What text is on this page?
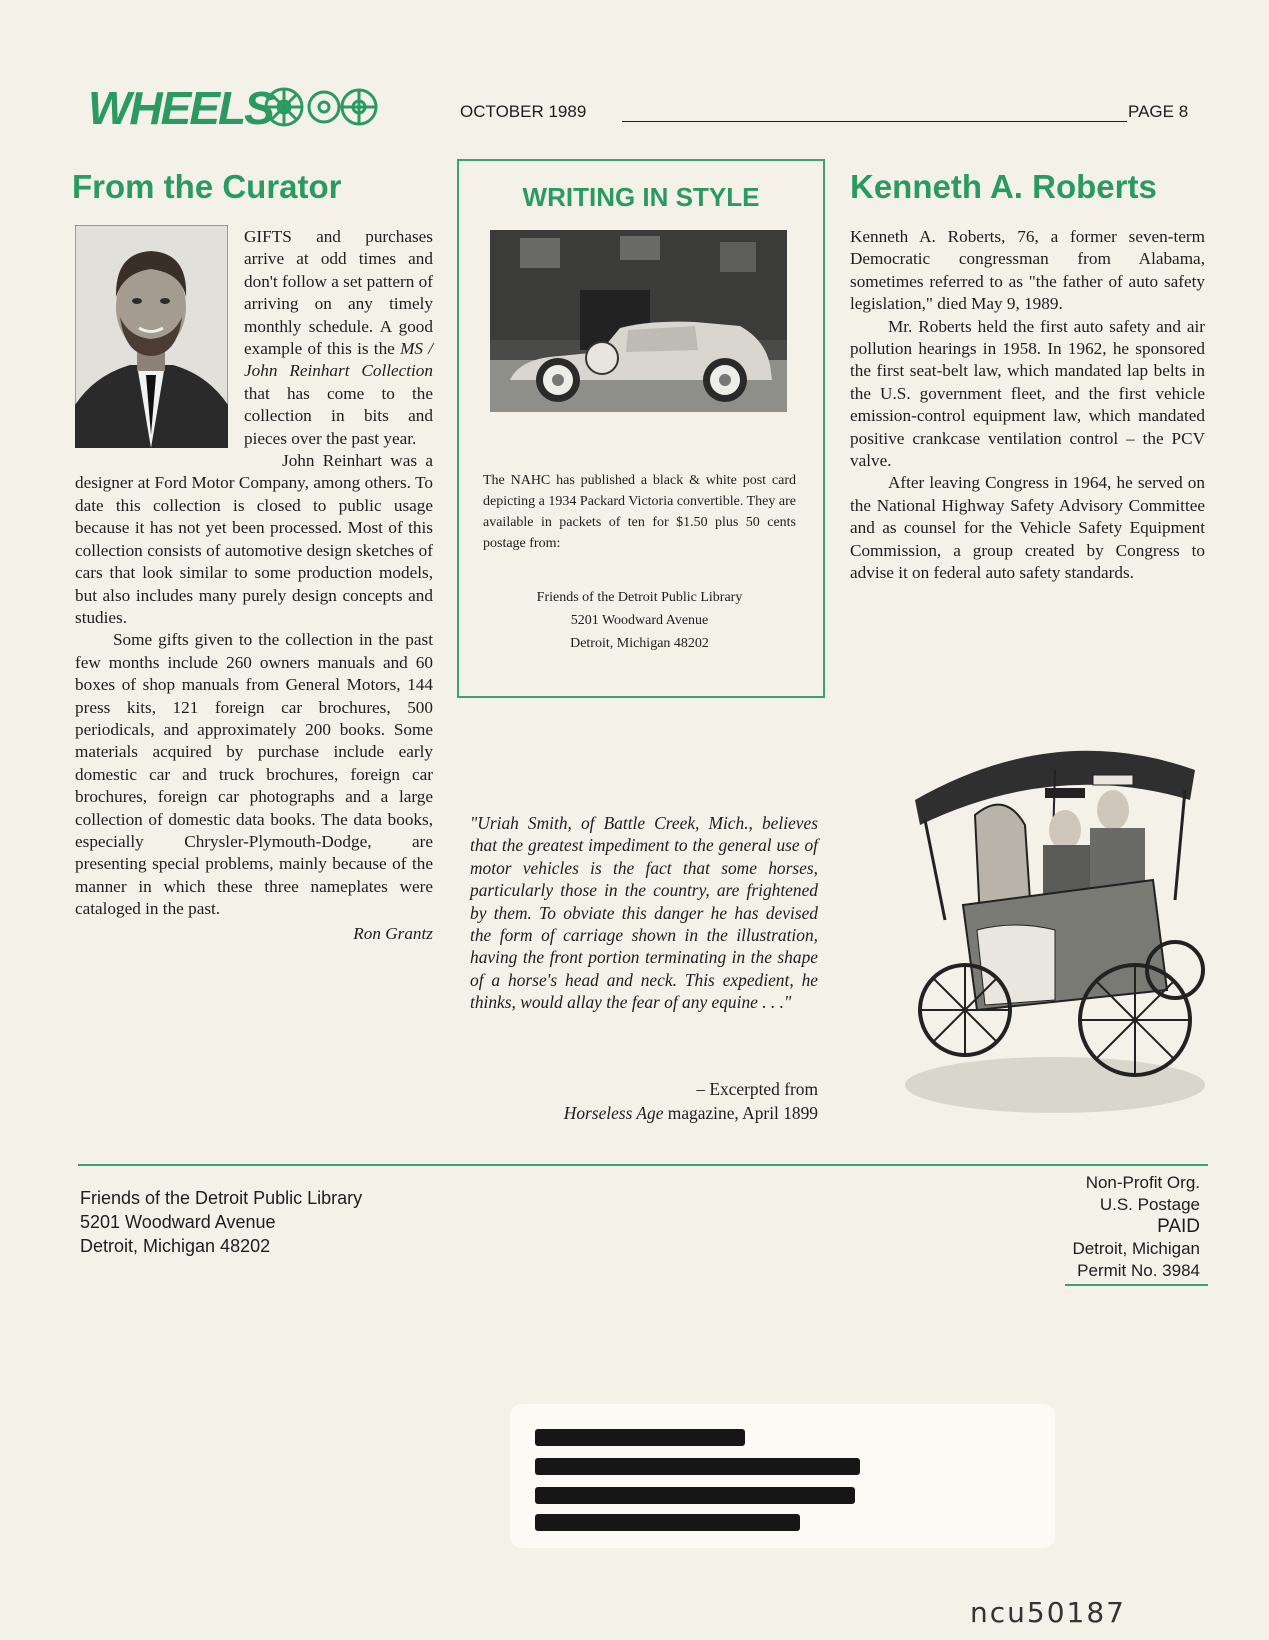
WHEELS	OCTOBER 1989	PAGE 8
From the Curator

GIFTS and purchases arrive at odd times and don't follow a set pattern of arriving on any timely monthly schedule. A good example of this is the MS / John Reinhart Collection that has come to the collection in bits and pieces over the past year.

John Reinhart was a designer at Ford Motor Company, among others. To date this collection is closed to public usage because it has not yet been processed. Most of this collection consists of automotive design sketches of cars that look similar to some production models, but also includes many purely design concepts and studies.

Some gifts given to the collection in the past few months include 260 owners manuals and 60 boxes of shop manuals from General Motors, 144 press kits, 121 foreign car brochures, 500 periodicals, and approximately 200 books. Some materials acquired by purchase include early domestic car and truck brochures, foreign car brochures, foreign car photographs and a large collection of domestic data books. The data books, especially Chrysler-Plymouth-Dodge, are presenting special problems, mainly because of the manner in which these three nameplates were cataloged in the past.

Ron Grantz
WRITING IN STYLE
The NAHC has published a black & white post card depicting a 1934 Packard Victoria convertible. They are available in packets of ten for $1.50 plus 50 cents postage from:
Friends of the Detroit Public Library
5201 Woodward Avenue
Detroit, Michigan 48202
"Uriah Smith, of Battle Creek, Mich., believes that the greatest impediment to the general use of motor vehicles is the fact that some horses, particularly those in the country, are frightened by them. To obviate this danger he has devised the form of carriage shown in the illustration, having the front portion terminating in the shape of a horse's head and neck. This expedient, he thinks, would allay the fear of any equine . . ."
– Excerpted from
Horseless Age magazine, April 1899
Kenneth A. Roberts

Kenneth A. Roberts, 76, a former seven-term Democratic congressman from Alabama, sometimes referred to as "the father of auto safety legislation," died May 9, 1989.

Mr. Roberts held the first auto safety and air pollution hearings in 1958. In 1962, he sponsored the first seat-belt law, which mandated lap belts in the U.S. government fleet, and the first vehicle emission-control equipment law, which mandated positive crankcase ventilation control – the PCV valve.

After leaving Congress in 1964, he served on the National Highway Safety Advisory Committee and as counsel for the Vehicle Safety Equipment Commission, a group created by Congress to advise it on federal auto safety standards.

Friends of the Detroit Public Library
5201 Woodward Avenue
Detroit, Michigan 48202
Non-Profit Org.
U.S. Postage
PAID
Detroit, Michigan
Permit No. 3984
ncu50187
